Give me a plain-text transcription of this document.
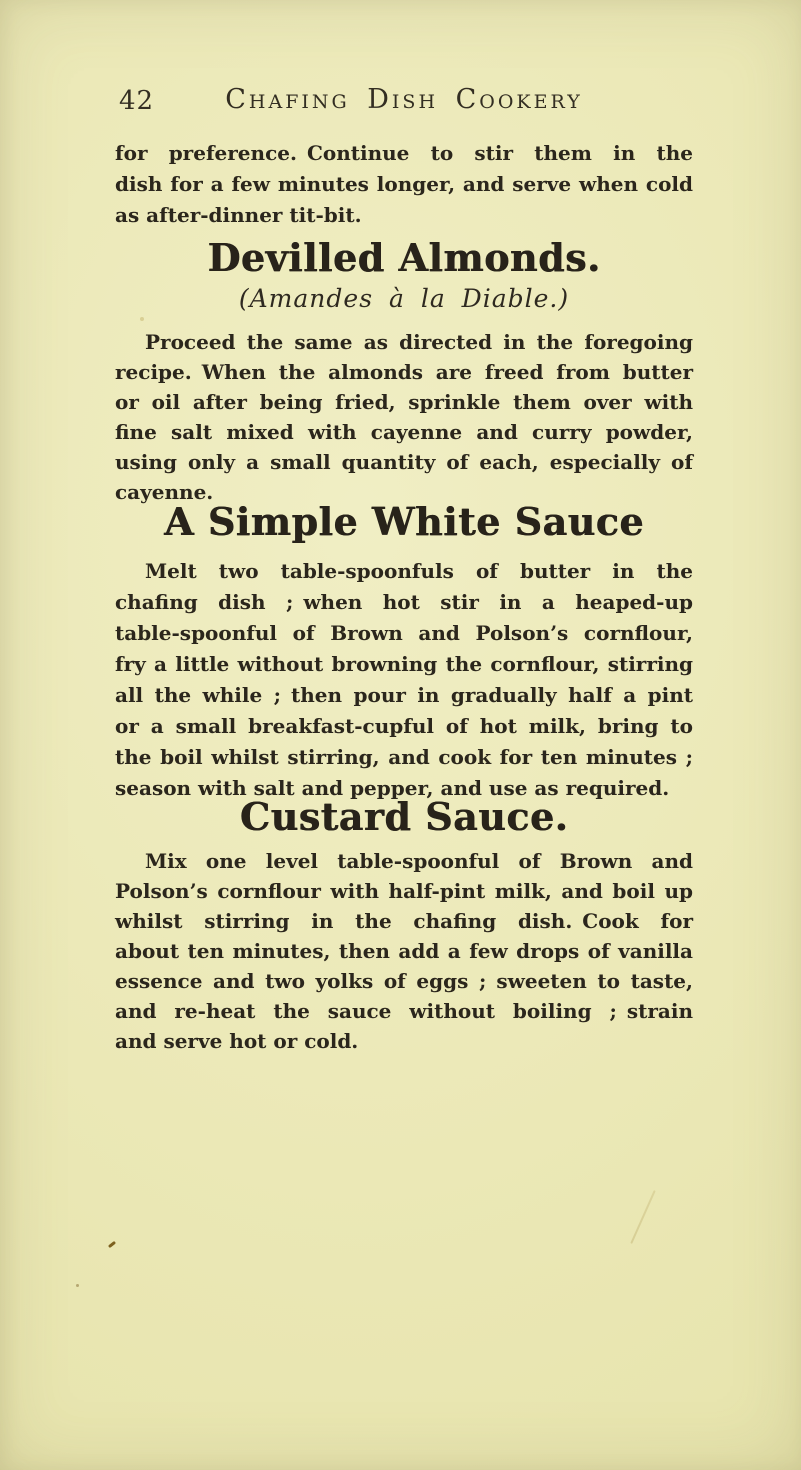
42	Chafing Dish Cookery
for preference. Continue to stir them in the
dish for a few minutes longer, and serve when cold
as after-dinner tit-bit.
Devilled Almonds.
(Amandes à la Diable.)
Proceed the same as directed in the foregoing
recipe. When the almonds are freed from butter
or oil after being fried, sprinkle them over with
fine salt mixed with cayenne and curry powder,
using only a small quantity of each, especially of
cayenne.
A Simple White Sauce
Melt two table-spoonfuls of butter in the
chafing dish ; when hot stir in a heaped-up
table-spoonful of Brown and Polson’s cornflour,
fry a little without browning the cornflour, stirring
all the while ; then pour in gradually half a pint
or a small breakfast-cupful of hot milk, bring to
the boil whilst stirring, and cook for ten minutes ;
season with salt and pepper, and use as required.
Custard Sauce.
Mix one level table-spoonful of Brown and
Polson’s cornflour with half-pint milk, and boil up
whilst stirring in the chafing dish. Cook for
about ten minutes, then add a few drops of vanilla
essence and two yolks of eggs ; sweeten to taste,
and re-heat the sauce without boiling ; strain
and serve hot or cold.
